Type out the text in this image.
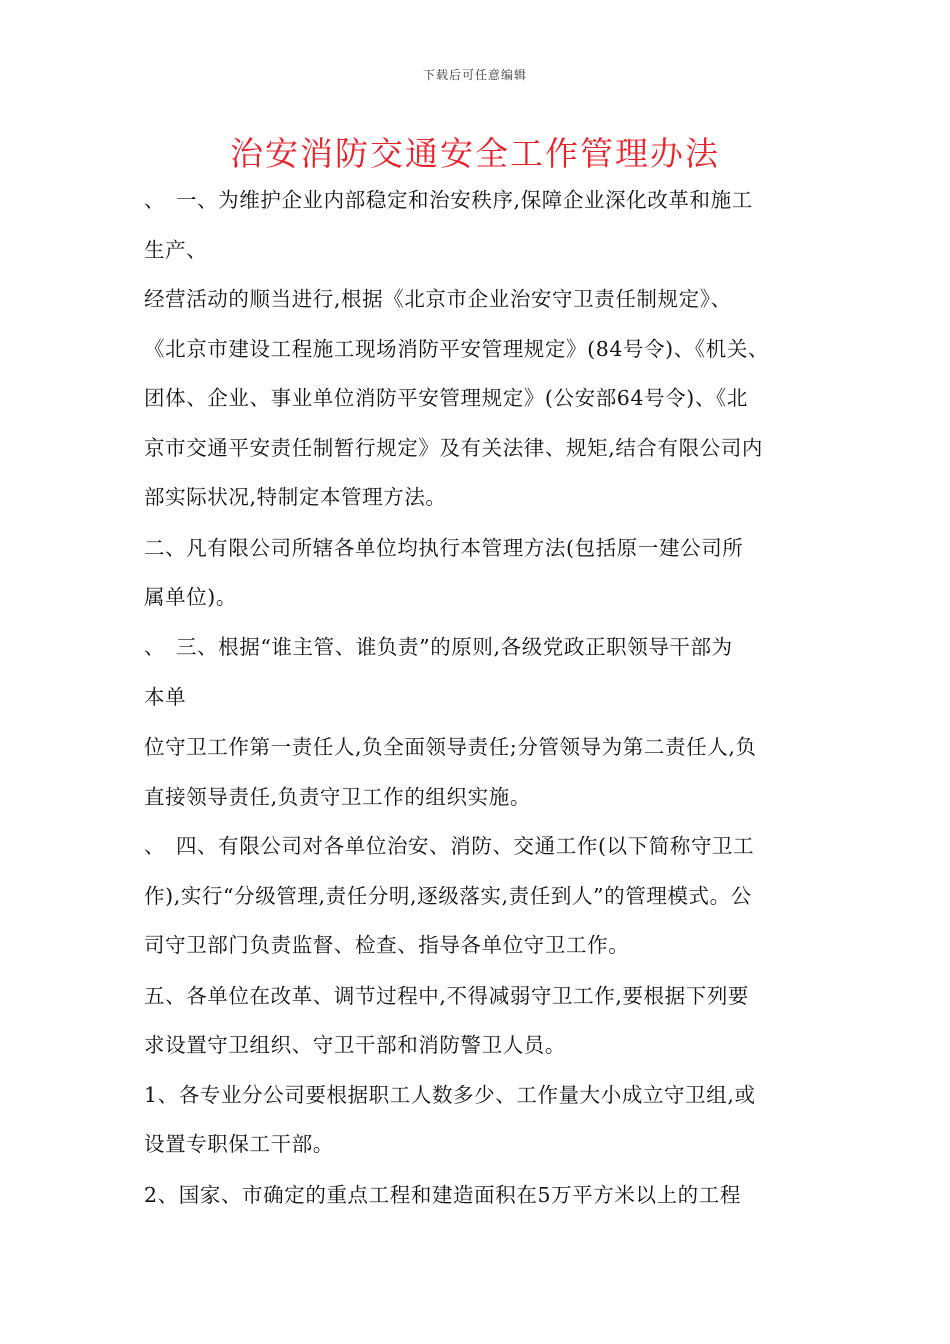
下载后可任意编辑
治安消防交通安全工作管理办法
、　一、为维护企业内部稳定和治安秩序,保障企业深化改革和施工
生产、
经营活动的顺当进行,根据《北京市企业治安守卫责任制规定》、
《北京市建设工程施工现场消防平安管理规定》(84号令)、《机关、
团体、企业、事业单位消防平安管理规定》(公安部64号令)、《北
京市交通平安责任制暂行规定》及有关法律、规矩,结合有限公司内
部实际状况,特制定本管理方法。
二、凡有限公司所辖各单位均执行本管理方法(包括原一建公司所
属单位)。
、　三、根据“谁主管、谁负责”的原则,各级党政正职领导干部为
本单
位守卫工作第一责任人,负全面领导责任;分管领导为第二责任人,负
直接领导责任,负责守卫工作的组织实施。
、　四、有限公司对各单位治安、消防、交通工作(以下简称守卫工
作),实行“分级管理,责任分明,逐级落实,责任到人”的管理模式。公
司守卫部门负责监督、检查、指导各单位守卫工作。
五、各单位在改革、调节过程中,不得减弱守卫工作,要根据下列要
求设置守卫组织、守卫干部和消防警卫人员。
1、各专业分公司要根据职工人数多少、工作量大小成立守卫组,或
设置专职保工干部。
2、国家、市确定的重点工程和建造面积在5万平方米以上的工程
